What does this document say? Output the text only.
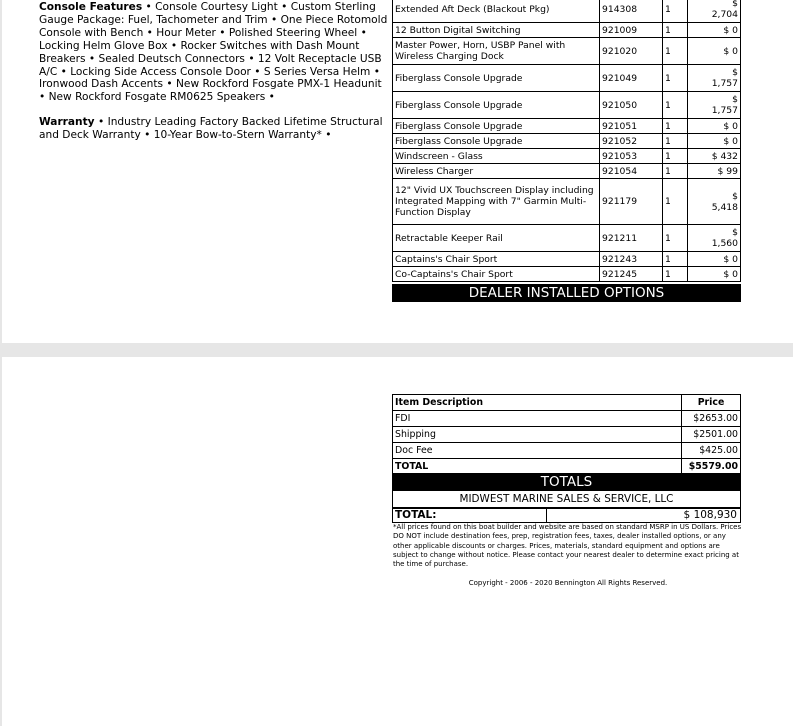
Console Features • Console Courtesy Light • Custom Sterling Gauge Package: Fuel, Tachometer and Trim • One Piece Rotomold Console with Bench • Hour Meter • Polished Steering Wheel • Locking Helm Glove Box • Rocker Switches with Dash Mount Breakers • Sealed Deutsch Connectors • 12 Volt Receptacle USB A/C • Locking Side Access Console Door • S Series Versa Helm • Ironwood Dash Accents • New Rockford Fosgate PMX-1 Headunit • New Rockford Fosgate RM0625 Speakers •

Warranty • Industry Leading Factory Backed Lifetime Structural and Deck Warranty • 10-Year Bow-to-Stern Warranty* •

Extended Aft Deck (Blackout Pkg)	914308	1	$
2,704
12 Button Digital Switching	921009	1	$ 0
Master Power, Horn, USBP Panel with Wireless Charging Dock	921020	1	$ 0
Fiberglass Console Upgrade	921049	1	$
1,757
Fiberglass Console Upgrade	921050	1	$
1,757
Fiberglass Console Upgrade	921051	1	$ 0
Fiberglass Console Upgrade	921052	1	$ 0
Windscreen - Glass	921053	1	$ 432
Wireless Charger	921054	1	$ 99
12" Vivid UX Touchscreen Display including Integrated Mapping with 7" Garmin Multi-Function Display	921179	1	$
5,418
Retractable Keeper Rail	921211	1	$
1,560
Captains's Chair Sport	921243	1	$ 0
Co-Captains's Chair Sport	921245	1	$ 0
DEALER INSTALLED OPTIONS
Item Description	Price
FDI	$2653.00
Shipping	$2501.00
Doc Fee	$425.00
TOTAL	$5579.00
TOTALS
MIDWEST MARINE SALES & SERVICE, LLC
TOTAL:	$ 108,930
*All prices found on this boat builder and website are based on standard MSRP in US Dollars. Prices DO NOT include destination fees, prep, registration fees, taxes, dealer installed options, or any other applicable discounts or charges. Prices, materials, standard equipment and options are subject to change without notice. Please contact your nearest dealer to determine exact pricing at the time of purchase.
Copyright - 2006 - 2020 Bennington All Rights Reserved.
